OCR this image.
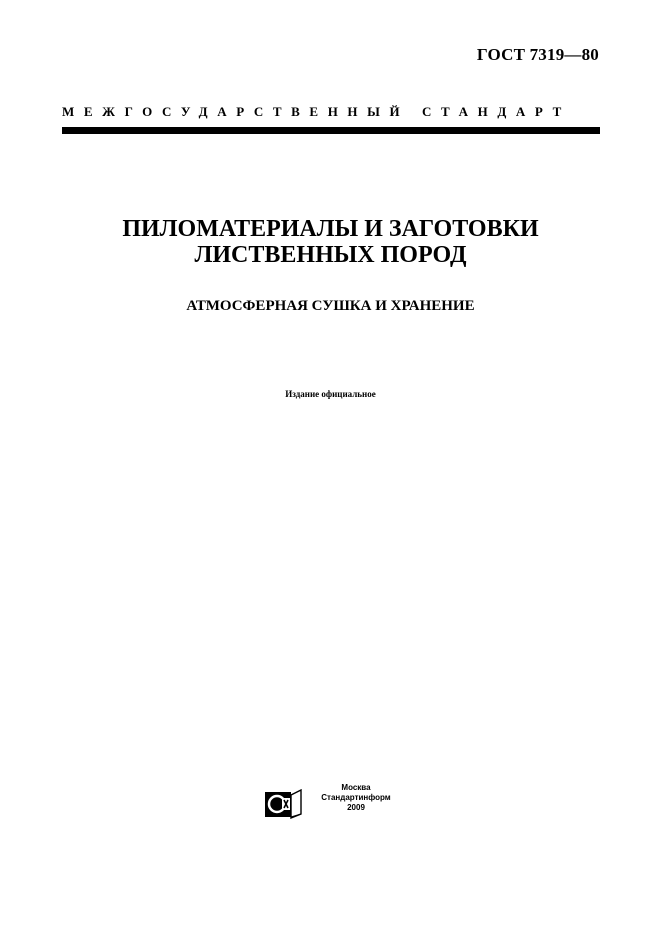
ГОСТ 7319—80
МЕЖГОСУДАРСТВЕННЫЙ СТАНДАРТ
ПИЛОМАТЕРИАЛЫ И ЗАГОТОВКИ
ЛИСТВЕННЫХ ПОРОД
АТМОСФЕРНАЯ СУШКА И ХРАНЕНИЕ
Издание официальное
Москва
Стандартинформ
2009
